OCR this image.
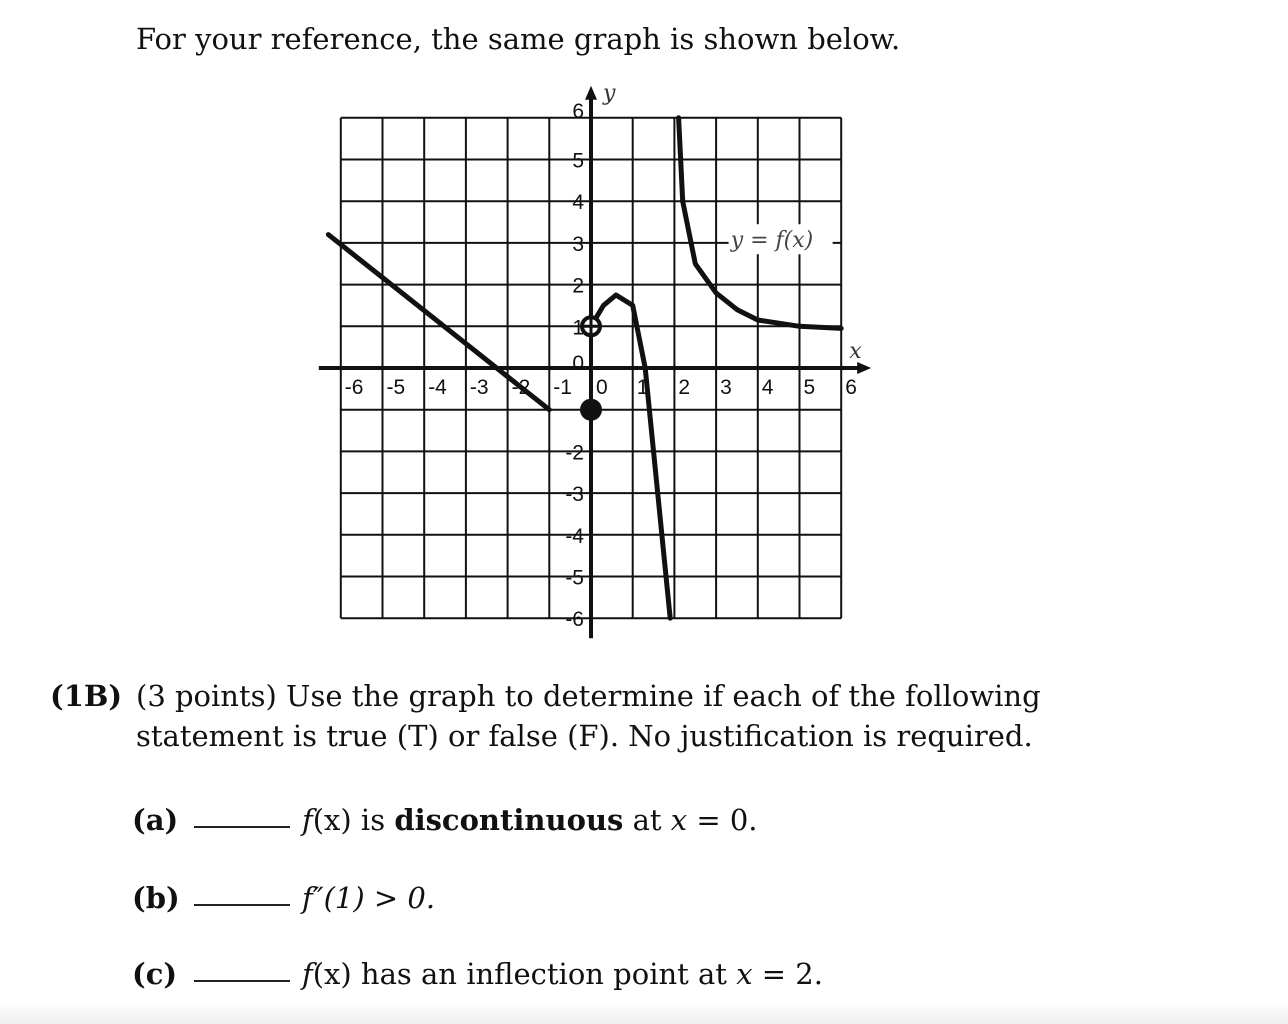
For your reference, the same graph is shown below.
-6 -5 -4 -3 -2 -1 0 1 2 3 4 5 6
6
5
4
3
2
1
0
-2
-3
-4
-5
-6
x
y
y = f(x)
(1B) (3 points) Use the graph to determine if each of the following statement is true (T) or false (F). No justification is required.
(a)	f(x) is discontinuous at x = 0.
(b)	f″(1) > 0.
(c)	f(x) has an inflection point at x = 2.
